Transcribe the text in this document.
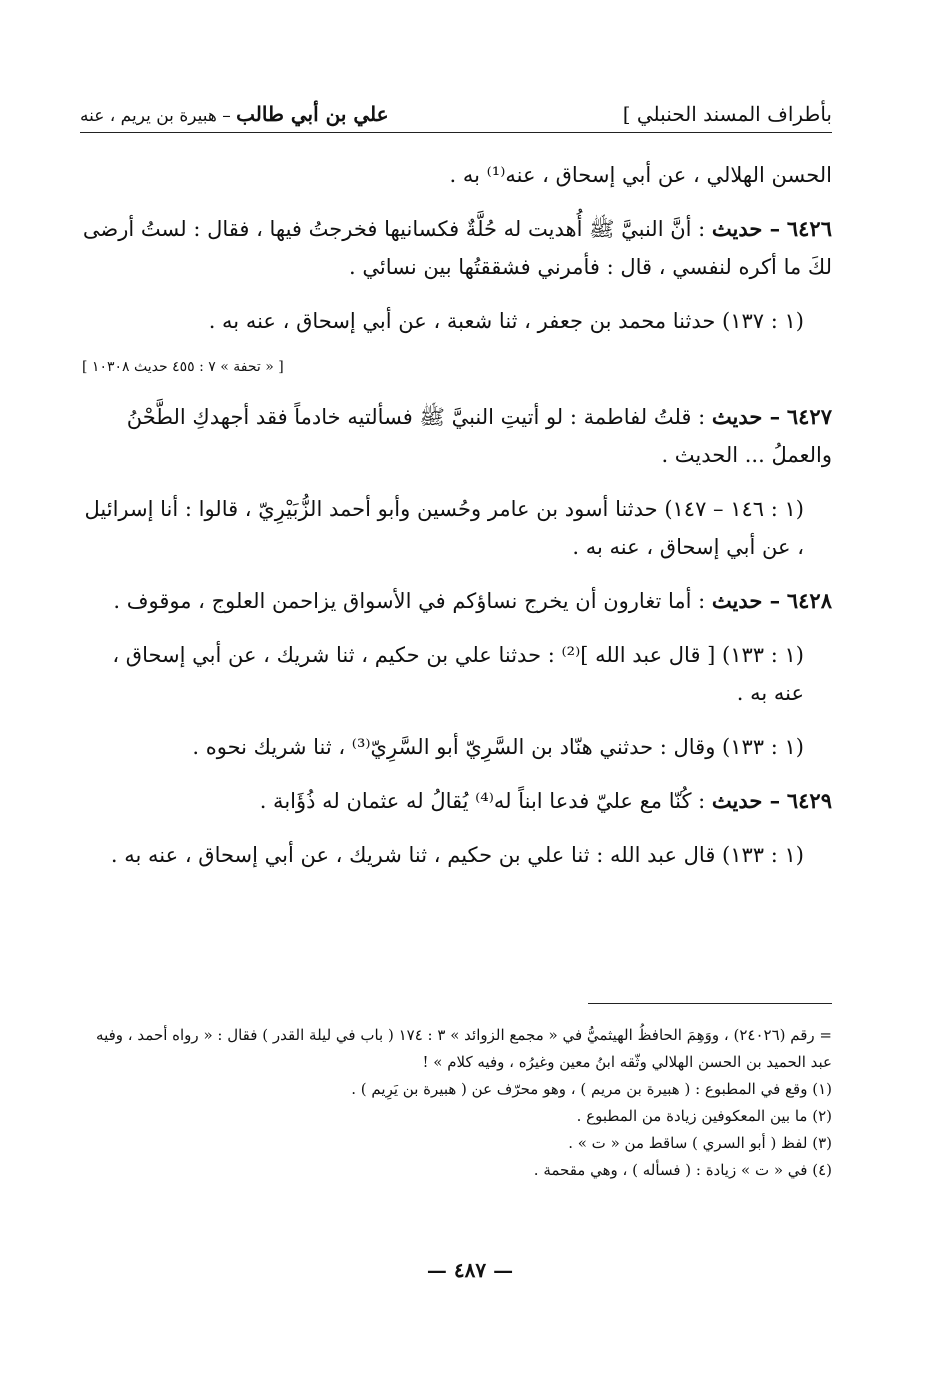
بأطراف المسند الحنبلي ]
علي بن أبي طالب – هبيرة بن يريم ، عنه

الحسن الهلالي ، عن أبي إسحاق ، عنه⁽¹⁾ به .

٦٤٢٦ – حديث : أنَّ النبيَّ ﷺ أُهديت له حُلَّةٌ فكسانيها فخرجتُ فيها ، فقال : لستُ أرضى لكَ ما أكره لنفسي ، قال : فأمرني فشققتُها بين نسائي .

(١ : ١٣٧) حدثنا محمد بن جعفر ، ثنا شعبة ، عن أبي إسحاق ، عنه به .

[ « تحفة » ٧ : ٤٥٥ حديث ١٠٣٠٨ ]

٦٤٢٧ – حديث : قلتُ لفاطمة : لو أتيتِ النبيَّ ﷺ فسألتيه خادماً فقد أجهدكِ الطَّحْنُ والعملُ ... الحديث .

(١ : ١٤٦ – ١٤٧) حدثنا أسود بن عامر وحُسين وأبو أحمد الزُّبَيْرِيّ ، قالوا : أنا إسرائيل ، عن أبي إسحاق ، عنه به .

٦٤٢٨ – حديث : أما تغارون أن يخرج نساؤكم في الأسواق يزاحمن العلوج ، موقوف .

(١ : ١٣٣) [ قال عبد الله ]⁽²⁾ : حدثنا علي بن حكيم ، ثنا شريك ، عن أبي إسحاق ، عنه به .

(١ : ١٣٣) وقال : حدثني هنّاد بن السَّرِيّ أبو السَّرِيّ⁽³⁾ ، ثنا شريك نحوه .

٦٤٢٩ – حديث : كُنّا مع عليّ فدعا ابناً له⁽⁴⁾ يُقالُ له عثمان له ذُؤَابة .

(١ : ١٣٣) قال عبد الله : ثنا علي بن حكيم ، ثنا شريك ، عن أبي إسحاق ، عنه به .

= رقم (٢٤٠٢٦) ، ووَهِمَ الحافظُ الهيثميُّ في « مجمع الزوائد » ٣ : ١٧٤ ( باب في ليلة القدر ) فقال : « رواه أحمد ، وفيه عبد الحميد بن الحسن الهلالي وثّقه ابنُ معين وغيرُه ، وفيه كلام » !

(١) وقع في المطبوع : ( هبيرة بن مريم ) ، وهو محرّف عن ( هبيرة بن يَرِيم ) .

(٢) ما بين المعكوفين زيادة من المطبوع .

(٣) لفظ ( أبو السري ) ساقط من « ت » .

(٤) في « ت » زيادة : ( فسأله ) ، وهي مقحمة .

— ٤٨٧ —
